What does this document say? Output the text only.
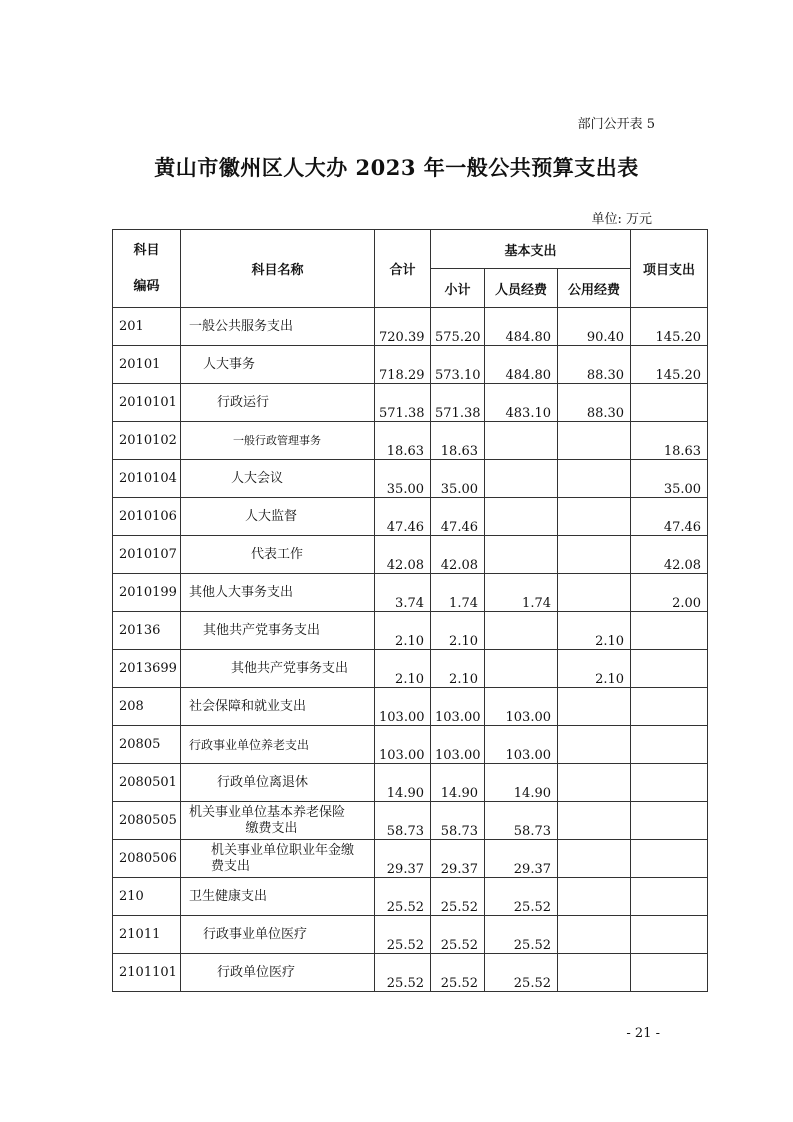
部门公开表 5
黄山市徽州区人大办 2023 年一般公共预算支出表
单位: 万元
科目
编码	科目名称	合计	基本支出			项目支出
			小计	人员经费	公用经费	
201	一般公共服务支出	720.39	575.20	484.80	90.40	145.20
20101	人大事务	718.29	573.10	484.80	88.30	145.20
2010101	行政运行	571.38	571.38	483.10	88.30	
2010102	一般行政管理事务	18.63	18.63			18.63
2010104	人大会议	35.00	35.00			35.00
2010106	人大监督	47.46	47.46			47.46
2010107	代表工作	42.08	42.08			42.08
2010199	其他人大事务支出	3.74	1.74	1.74		2.00
20136	其他共产党事务支出	2.10	2.10		2.10	
2013699	其他共产党事务支出	2.10	2.10		2.10	
208	社会保障和就业支出	103.00	103.00	103.00		
20805	行政事业单位养老支出	103.00	103.00	103.00		
2080501	行政单位离退休	14.90	14.90	14.90		
2080505	机关事业单位基本养老保险缴费支出	58.73	58.73	58.73		
2080506	机关事业单位职业年金缴费支出	29.37	29.37	29.37		
210	卫生健康支出	25.52	25.52	25.52		
21011	行政事业单位医疗	25.52	25.52	25.52		
2101101	行政单位医疗	25.52	25.52	25.52		
- 21 -
